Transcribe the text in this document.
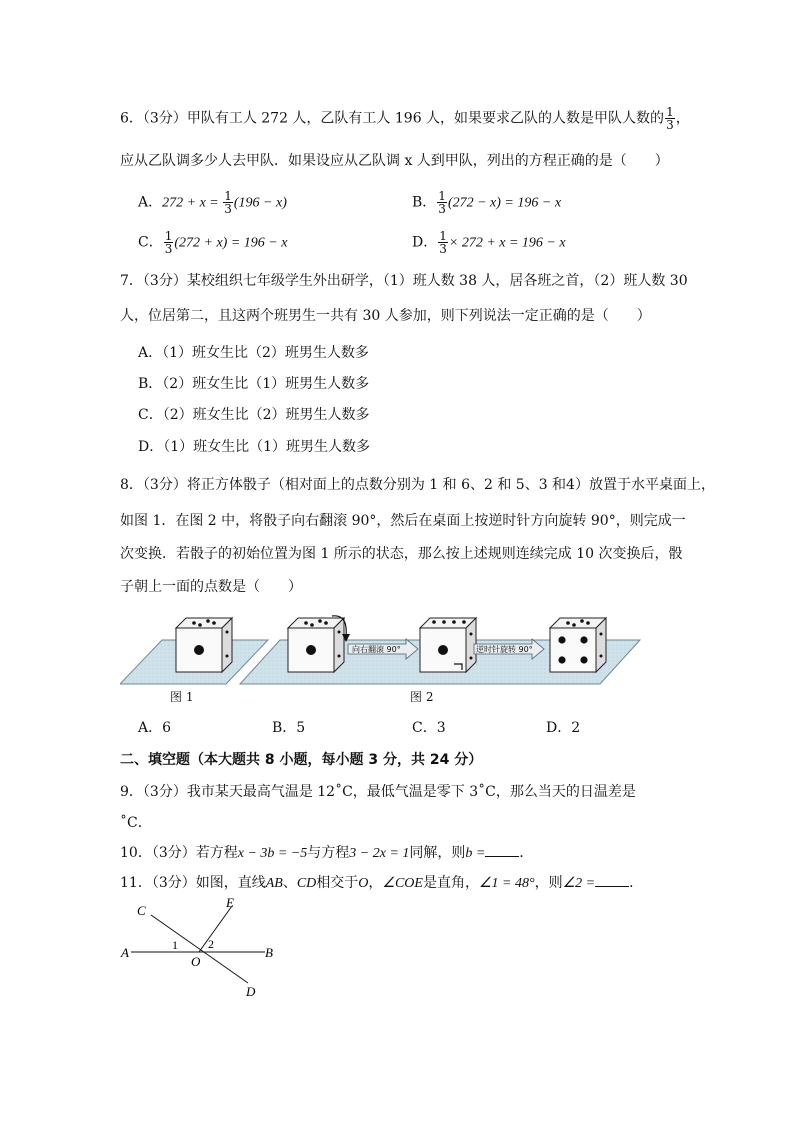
6．（3分）甲队有工人 272 人，乙队有工人 196 人，如果要求乙队的人数是甲队人数的 $\frac{1}{3}$ ，
应从乙队调多少人去甲队．如果设应从乙队调 x 人到甲队，列出的方程正确的是（　　）
A．$272 + x = \frac{1}{3} (196 - x)$	B． $\frac{1}{3} (272 - x) = 196 - x$
C． $\frac{1}{3} (272 + x) = 196 - x$	D． $\frac{1}{3} \times 272 + x = 196 - x$
7．（3分）某校组织七年级学生外出研学，（1）班人数 38 人，居各班之首，（2）班人数 30
人，位居第二，且这两个班男生一共有 30 人参加，则下列说法一定正确的是（　　）
A．（1）班女生比（2）班男生人数多
B．（2）班女生比（1）班男生人数多
C．（2）班女生比（2）班男生人数多
D．（1）班女生比（1）班男生人数多
8．（3分）将正方体骰子（相对面上的点数分别为 1 和 6、2 和 5、3 和4）放置于水平桌面上，
如图 1．在图 2 中，将骰子向右翻滚 90°，然后在桌面上按逆时针方向旋转 90°，则完成一
次变换．若骰子的初始位置为图 1 所示的状态，那么按上述规则连续完成 10 次变换后，骰
子朝上一面的点数是（　　）
向右翻滚 90°	逆时针旋转 90°
图 1	图 2
A．6	B．5	C．3	D．2
二、填空题（本大题共 8 小题，每小题 3 分，共 24 分）
9．（3分）我市某天最高气温是 12˚C，最低气温是零下 3˚C，那么当天的日温差是
˚C．
10．（3分）若方程x − 3b = −5与方程3 − 2x = 1同解，则b = ．
11．（3分）如图，直线AB、CD相交于O，∠COE是直角，∠1 = 48°，则∠2 = ．
A	B
C
D
E
O
1	2
